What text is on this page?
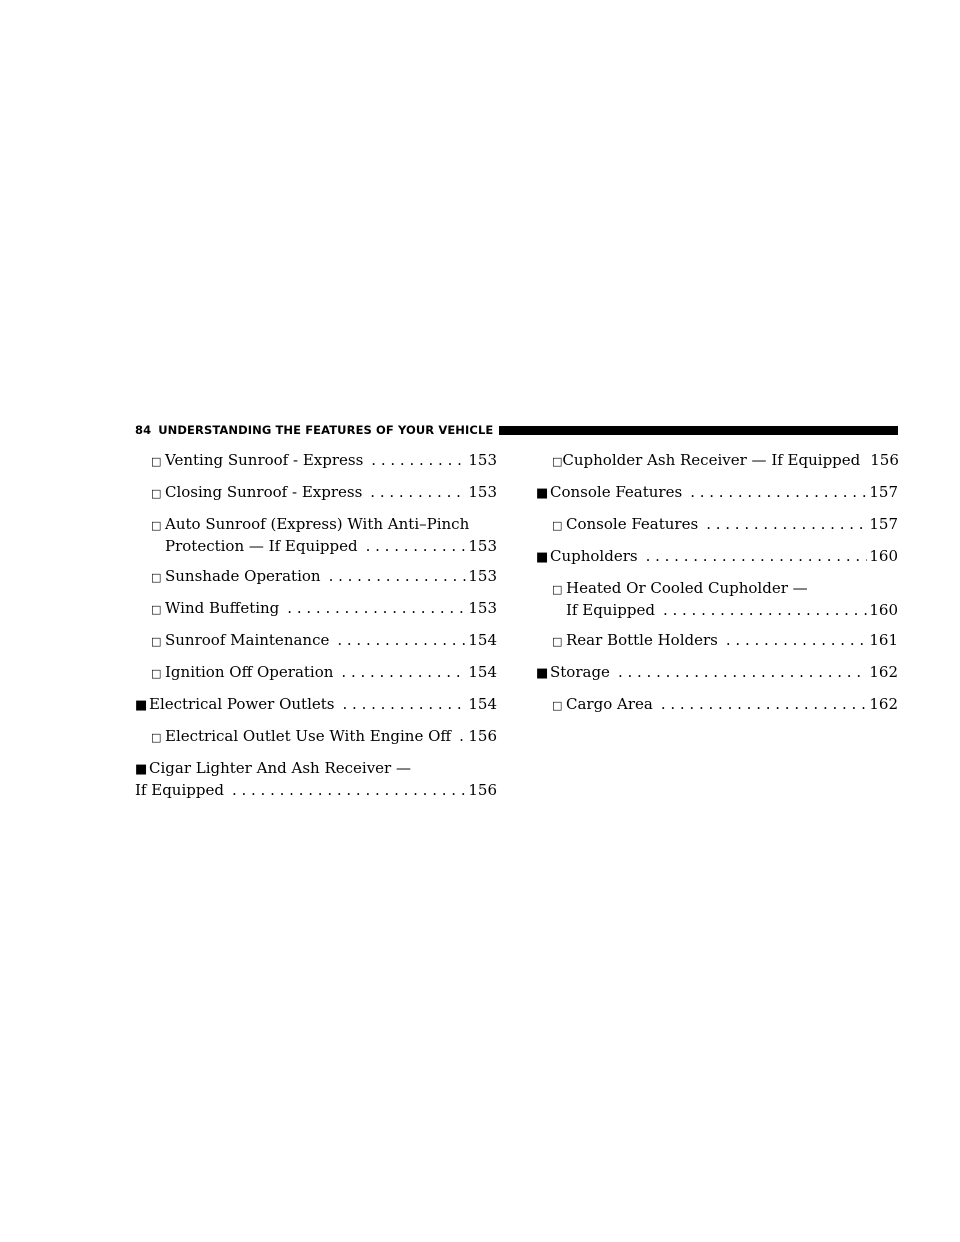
84 UNDERSTANDING THE FEATURES OF YOUR VEHICLE
□ Venting Sunroof - Express . . .	153
□ Closing Sunroof - Express . . .	153
□ Auto Sunroof (Express) With Anti–Pinch
Protection — If Equipped . . .	153
□ Sunshade Operation . . .	153
□ Wind Buffeting . . .	153
□ Sunroof Maintenance . . .	154
□ Ignition Off Operation . . .	154
■ Electrical Power Outlets . . .	154
□ Electrical Outlet Use With Engine Off . . . 156
■ Cigar Lighter And Ash Receiver —
If Equipped . . .	156
□ Cupholder Ash Receiver — If Equipped . . . 156
■ Console Features . . .	157
□ Console Features . . .	157
■ Cupholders . . .	160
□ Heated Or Cooled Cupholder —
If Equipped . . .	160
□ Rear Bottle Holders . . .	161
■ Storage . . .	162
□ Cargo Area . . .	162
